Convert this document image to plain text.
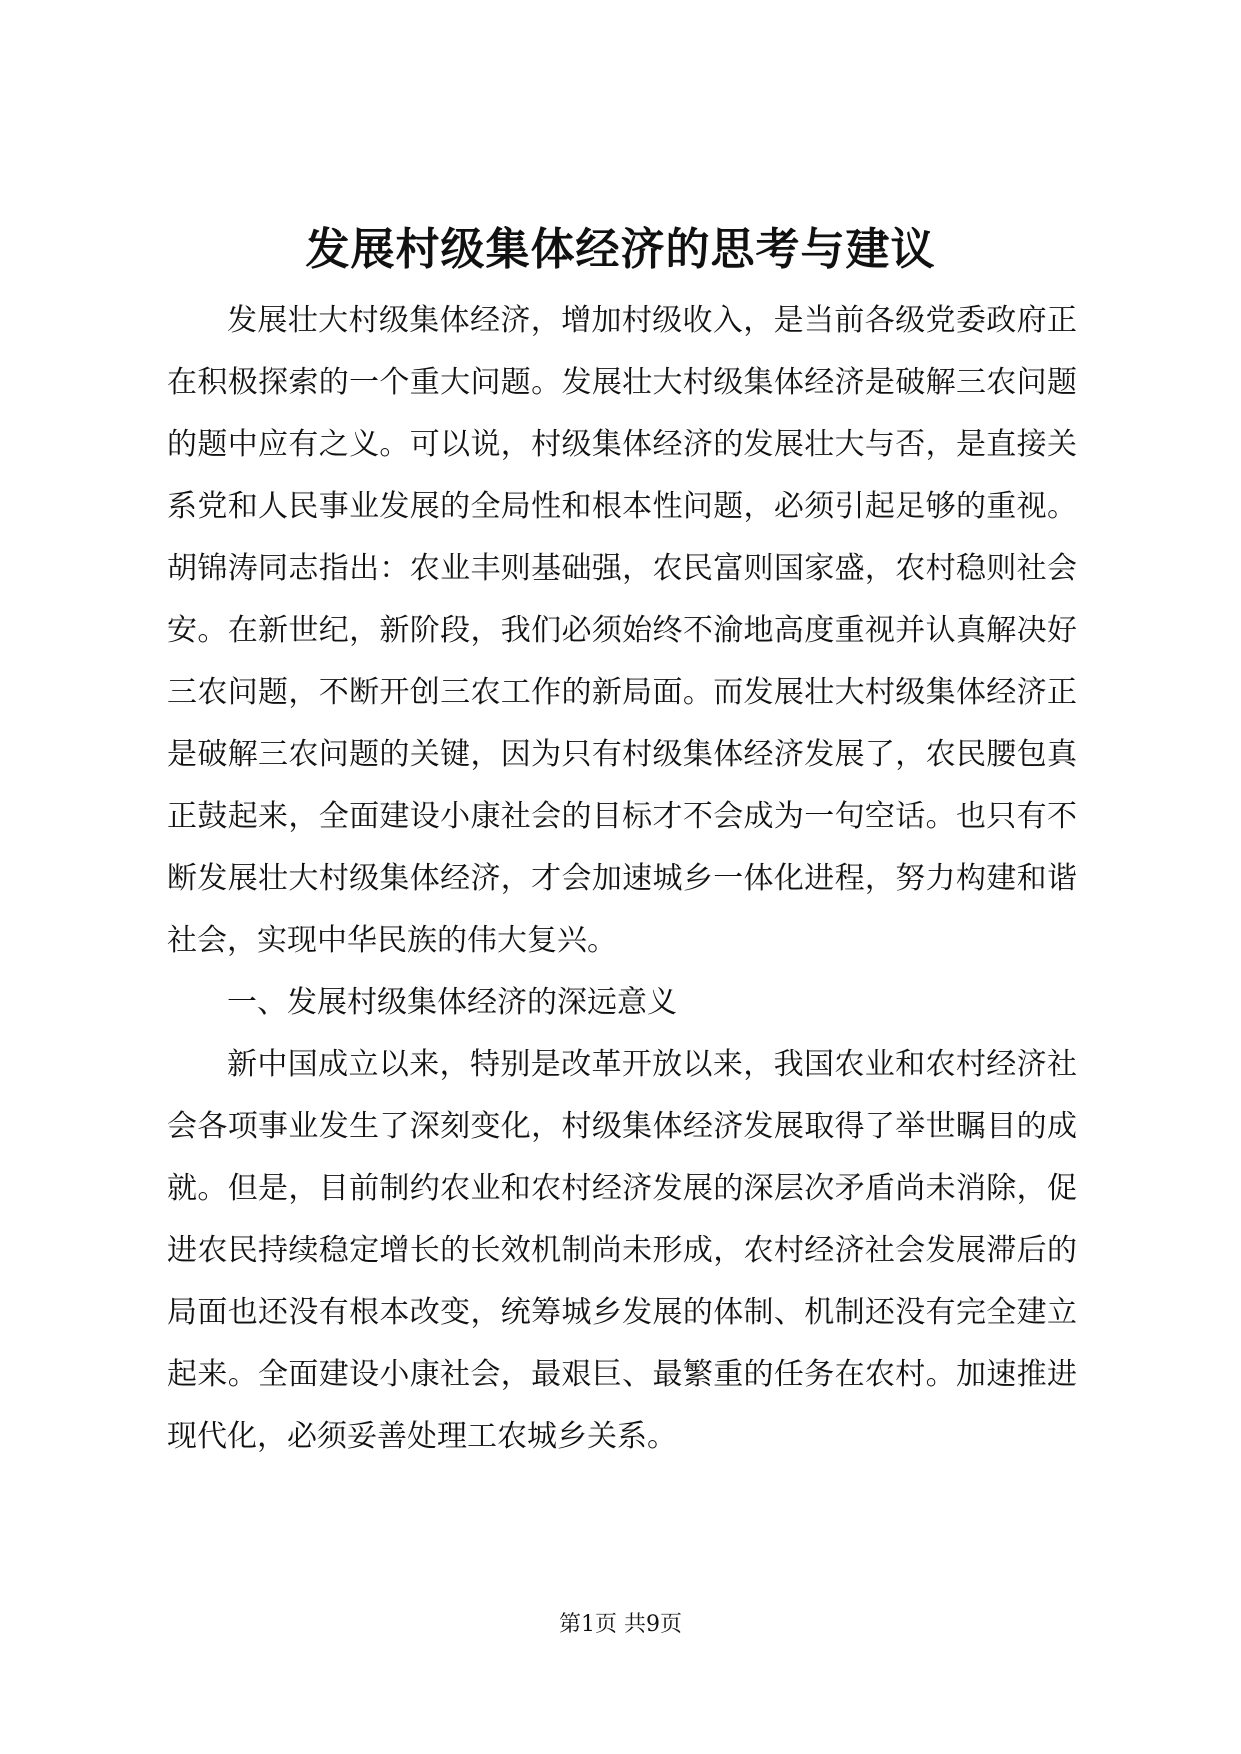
发展村级集体经济的思考与建议

发展壮大村级集体经济，增加村级收入，是当前各级党委政府正在积极探索的一个重大问题。发展壮大村级集体经济是破解三农问题的题中应有之义。可以说，村级集体经济的发展壮大与否，是直接关系党和人民事业发展的全局性和根本性问题，必须引起足够的重视。胡锦涛同志指出：农业丰则基础强，农民富则国家盛，农村稳则社会安。在新世纪，新阶段，我们必须始终不渝地高度重视并认真解决好三农问题，不断开创三农工作的新局面。而发展壮大村级集体经济正是破解三农问题的关键，因为只有村级集体经济发展了，农民腰包真正鼓起来，全面建设小康社会的目标才不会成为一句空话。也只有不断发展壮大村级集体经济，才会加速城乡一体化进程，努力构建和谐社会，实现中华民族的伟大复兴。

一、发展村级集体经济的深远意义

新中国成立以来，特别是改革开放以来，我国农业和农村经济社会各项事业发生了深刻变化，村级集体经济发展取得了举世瞩目的成就。但是，目前制约农业和农村经济发展的深层次矛盾尚未消除，促进农民持续稳定增长的长效机制尚未形成，农村经济社会发展滞后的局面也还没有根本改变，统筹城乡发展的体制、机制还没有完全建立起来。全面建设小康社会，最艰巨、最繁重的任务在农村。加速推进现代化，必须妥善处理工农城乡关系。

第1页 共9页
